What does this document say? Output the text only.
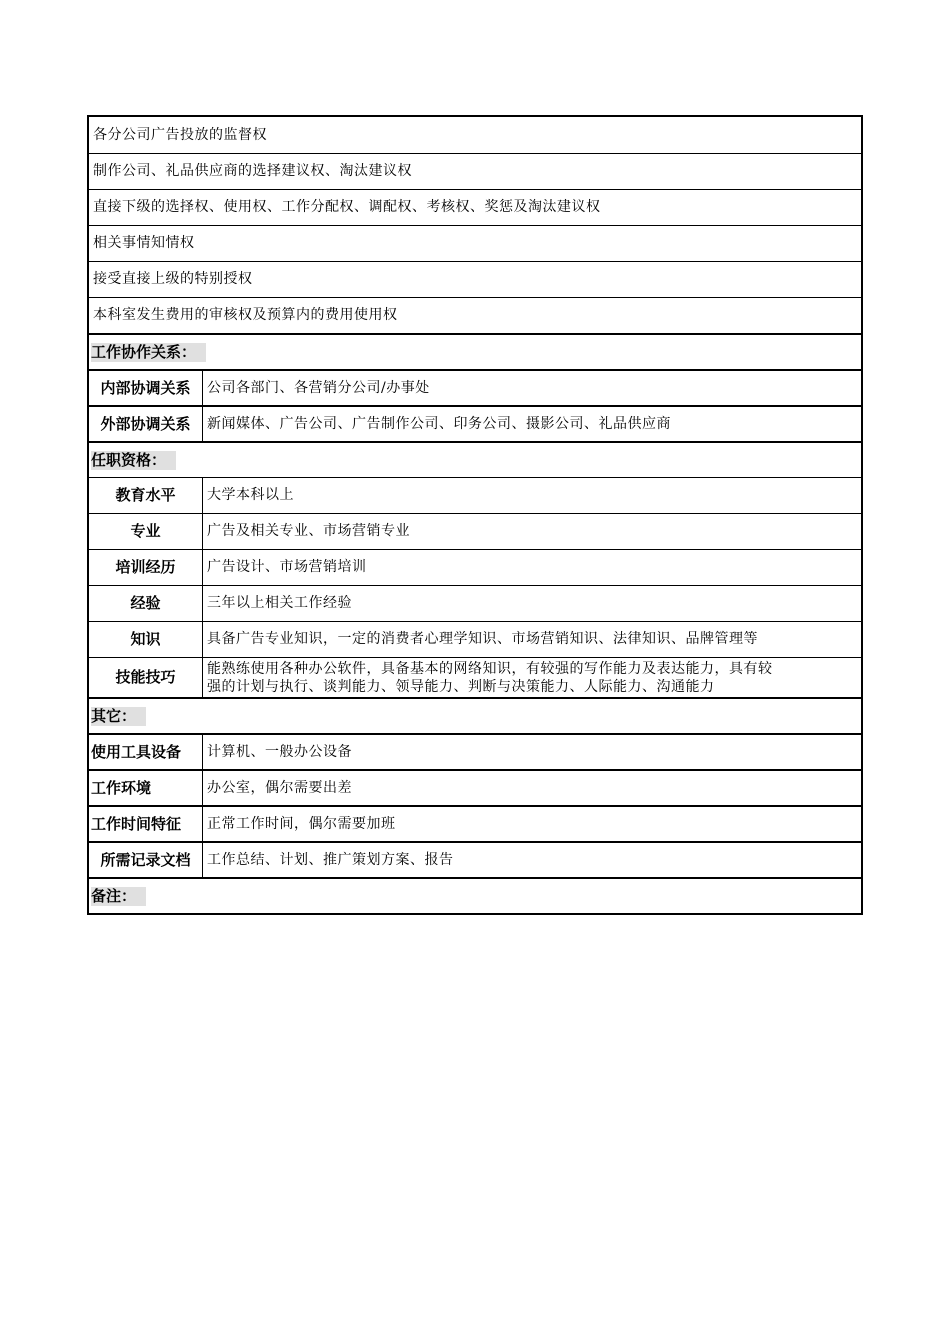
各分公司广告投放的监督权
制作公司、礼品供应商的选择建议权、淘汰建议权
直接下级的选择权、使用权、工作分配权、调配权、考核权、奖惩及淘汰建议权
相关事情知情权
接受直接上级的特别授权
本科室发生费用的审核权及预算内的费用使用权
工作协作关系：
内部协调关系	公司各部门、各营销分公司/办事处
外部协调关系	新闻媒体、广告公司、广告制作公司、印务公司、摄影公司、礼品供应商
任职资格：
教育水平	大学本科以上
专业	广告及相关专业、市场营销专业
培训经历	广告设计、市场营销培训
经验	三年以上相关工作经验
知识	具备广告专业知识，一定的消费者心理学知识、市场营销知识、法律知识、品牌管理等
技能技巧	能熟练使用各种办公软件，具备基本的网络知识，有较强的写作能力及表达能力，具有较
强的计划与执行、谈判能力、领导能力、判断与决策能力、人际能力、沟通能力
其它：
使用工具设备	计算机、一般办公设备
工作环境	办公室，偶尔需要出差
工作时间特征	正常工作时间，偶尔需要加班
所需记录文档	工作总结、计划、推广策划方案、报告
备注：
